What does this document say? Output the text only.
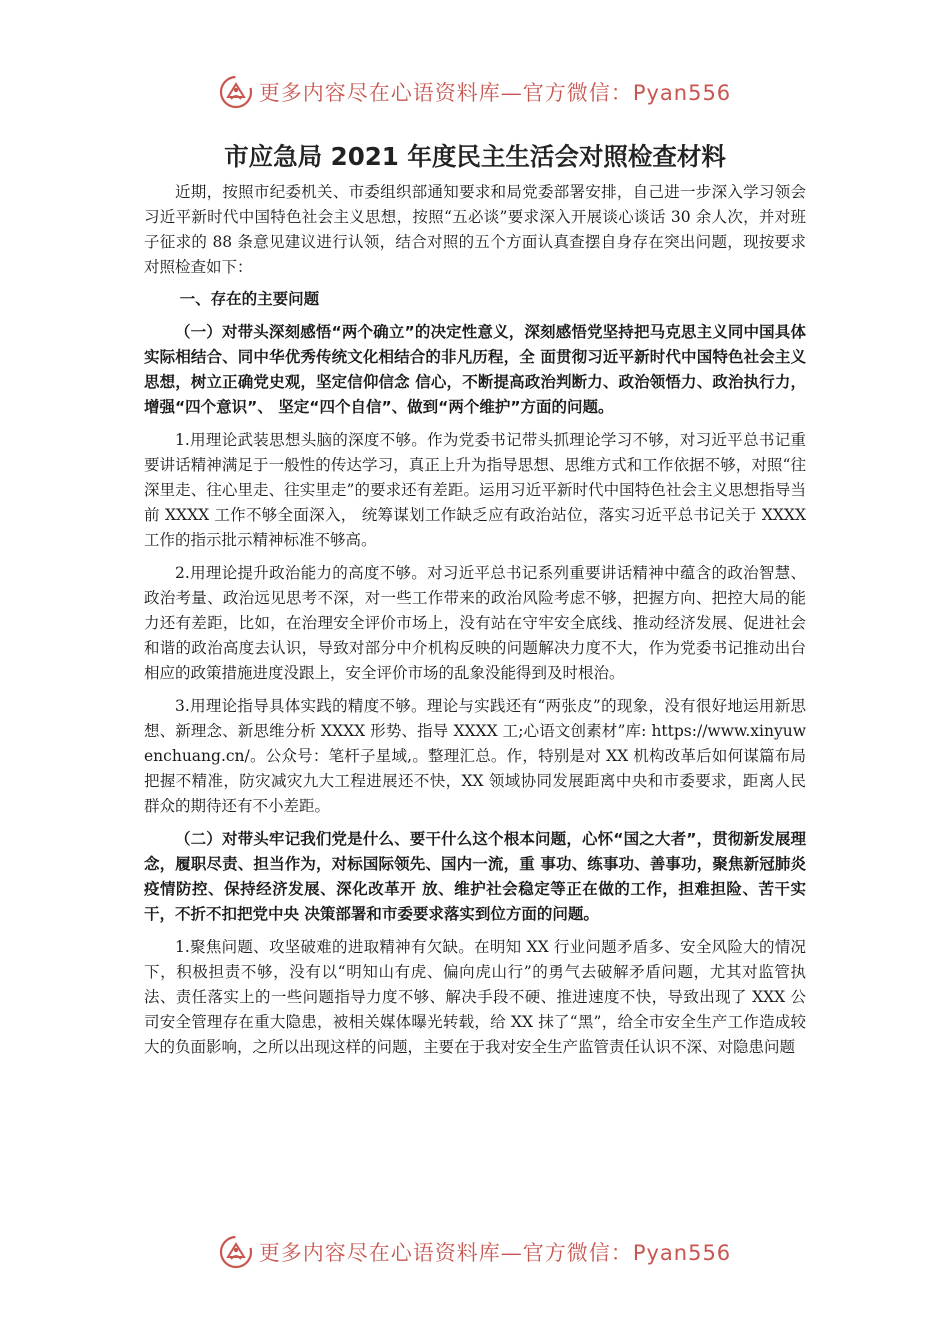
更多内容尽在心语资料库—官方微信：Pyan556
市应急局 2021 年度民主生活会对照检查材料

近期，按照市纪委机关、市委组织部通知要求和局党委部署安排，自己进一步深入学习领会习近平新时代中国特色社会主义思想，按照“五必谈”要求深入开展谈心谈话 30 余人次，并对班子征求的 88 条意见建议进行认领，结合对照的五个方面认真查摆自身存在突出问题，现按要求对照检查如下：

一、存在的主要问题

（一）对带头深刻感悟“两个确立”的决定性意义，深刻感悟党坚持把马克思主义同中国具体实际相结合、同中华优秀传统文化相结合的非凡历程，全 面贯彻习近平新时代中国特色社会主义思想，树立正确党史观，坚定信仰信念 信心，不断提高政治判断力、政治领悟力、政治执行力，增强“四个意识”、 坚定“四个自信”、做到“两个维护”方面的问题。

1.用理论武装思想头脑的深度不够。作为党委书记带头抓理论学习不够，对习近平总书记重要讲话精神满足于一般性的传达学习，真正上升为指导思想、思维方式和工作依据不够，对照“往深里走、往心里走、往实里走”的要求还有差距。运用习近平新时代中国特色社会主义思想指导当前 XXXX 工作不够全面深入， 统筹谋划工作缺乏应有政治站位，落实习近平总书记关于 XXXX 工作的指示批示精神标准不够高。

2.用理论提升政治能力的高度不够。对习近平总书记系列重要讲话精神中蕴含的政治智慧、政治考量、政治远见思考不深，对一些工作带来的政治风险考虑不够，把握方向、把控大局的能力还有差距，比如，在治理安全评价市场上，没有站在守牢安全底线、推动经济发展、促进社会和谐的政治高度去认识，导致对部分中介机构反映的问题解决力度不大，作为党委书记推动出台相应的政策措施进度没跟上，安全评价市场的乱象没能得到及时根治。

3.用理论指导具体实践的精度不够。理论与实践还有“两张皮”的现象，没有很好地运用新思想、新理念、新思维分析 XXXX 形势、指导 XXXX 工;心语文创素材”库: https://www.xinyuwenchuang.cn/。公众号：笔杆子星域,。整理汇总。作，特别是对 XX 机构改革后如何谋篇布局把握不精准，防灾减灾九大工程进展还不快，XX 领域协同发展距离中央和市委要求，距离人民群众的期待还有不小差距。

（二）对带头牢记我们党是什么、要干什么这个根本问题，心怀“国之大者”，贯彻新发展理念，履职尽责、担当作为，对标国际领先、国内一流，重 事功、练事功、善事功，聚焦新冠肺炎疫情防控、保持经济发展、深化改革开 放、维护社会稳定等正在做的工作，担难担险、苦干实干，不折不扣把党中央 决策部署和市委要求落实到位方面的问题。

1.聚焦问题、攻坚破难的进取精神有欠缺。在明知 XX 行业问题矛盾多、安全风险大的情况下，积极担责不够，没有以“明知山有虎、偏向虎山行”的勇气去破解矛盾问题，尤其对监管执法、责任落实上的一些问题指导力度不够、解决手段不硬、推进速度不快，导致出现了 XXX 公司安全管理存在重大隐患，被相关媒体曝光转载，给 XX 抹了“黑”，给全市安全生产工作造成较大的负面影响，之所以出现这样的问题，主要在于我对安全生产监管责任认识不深、对隐患问题

更多内容尽在心语资料库—官方微信：Pyan556
